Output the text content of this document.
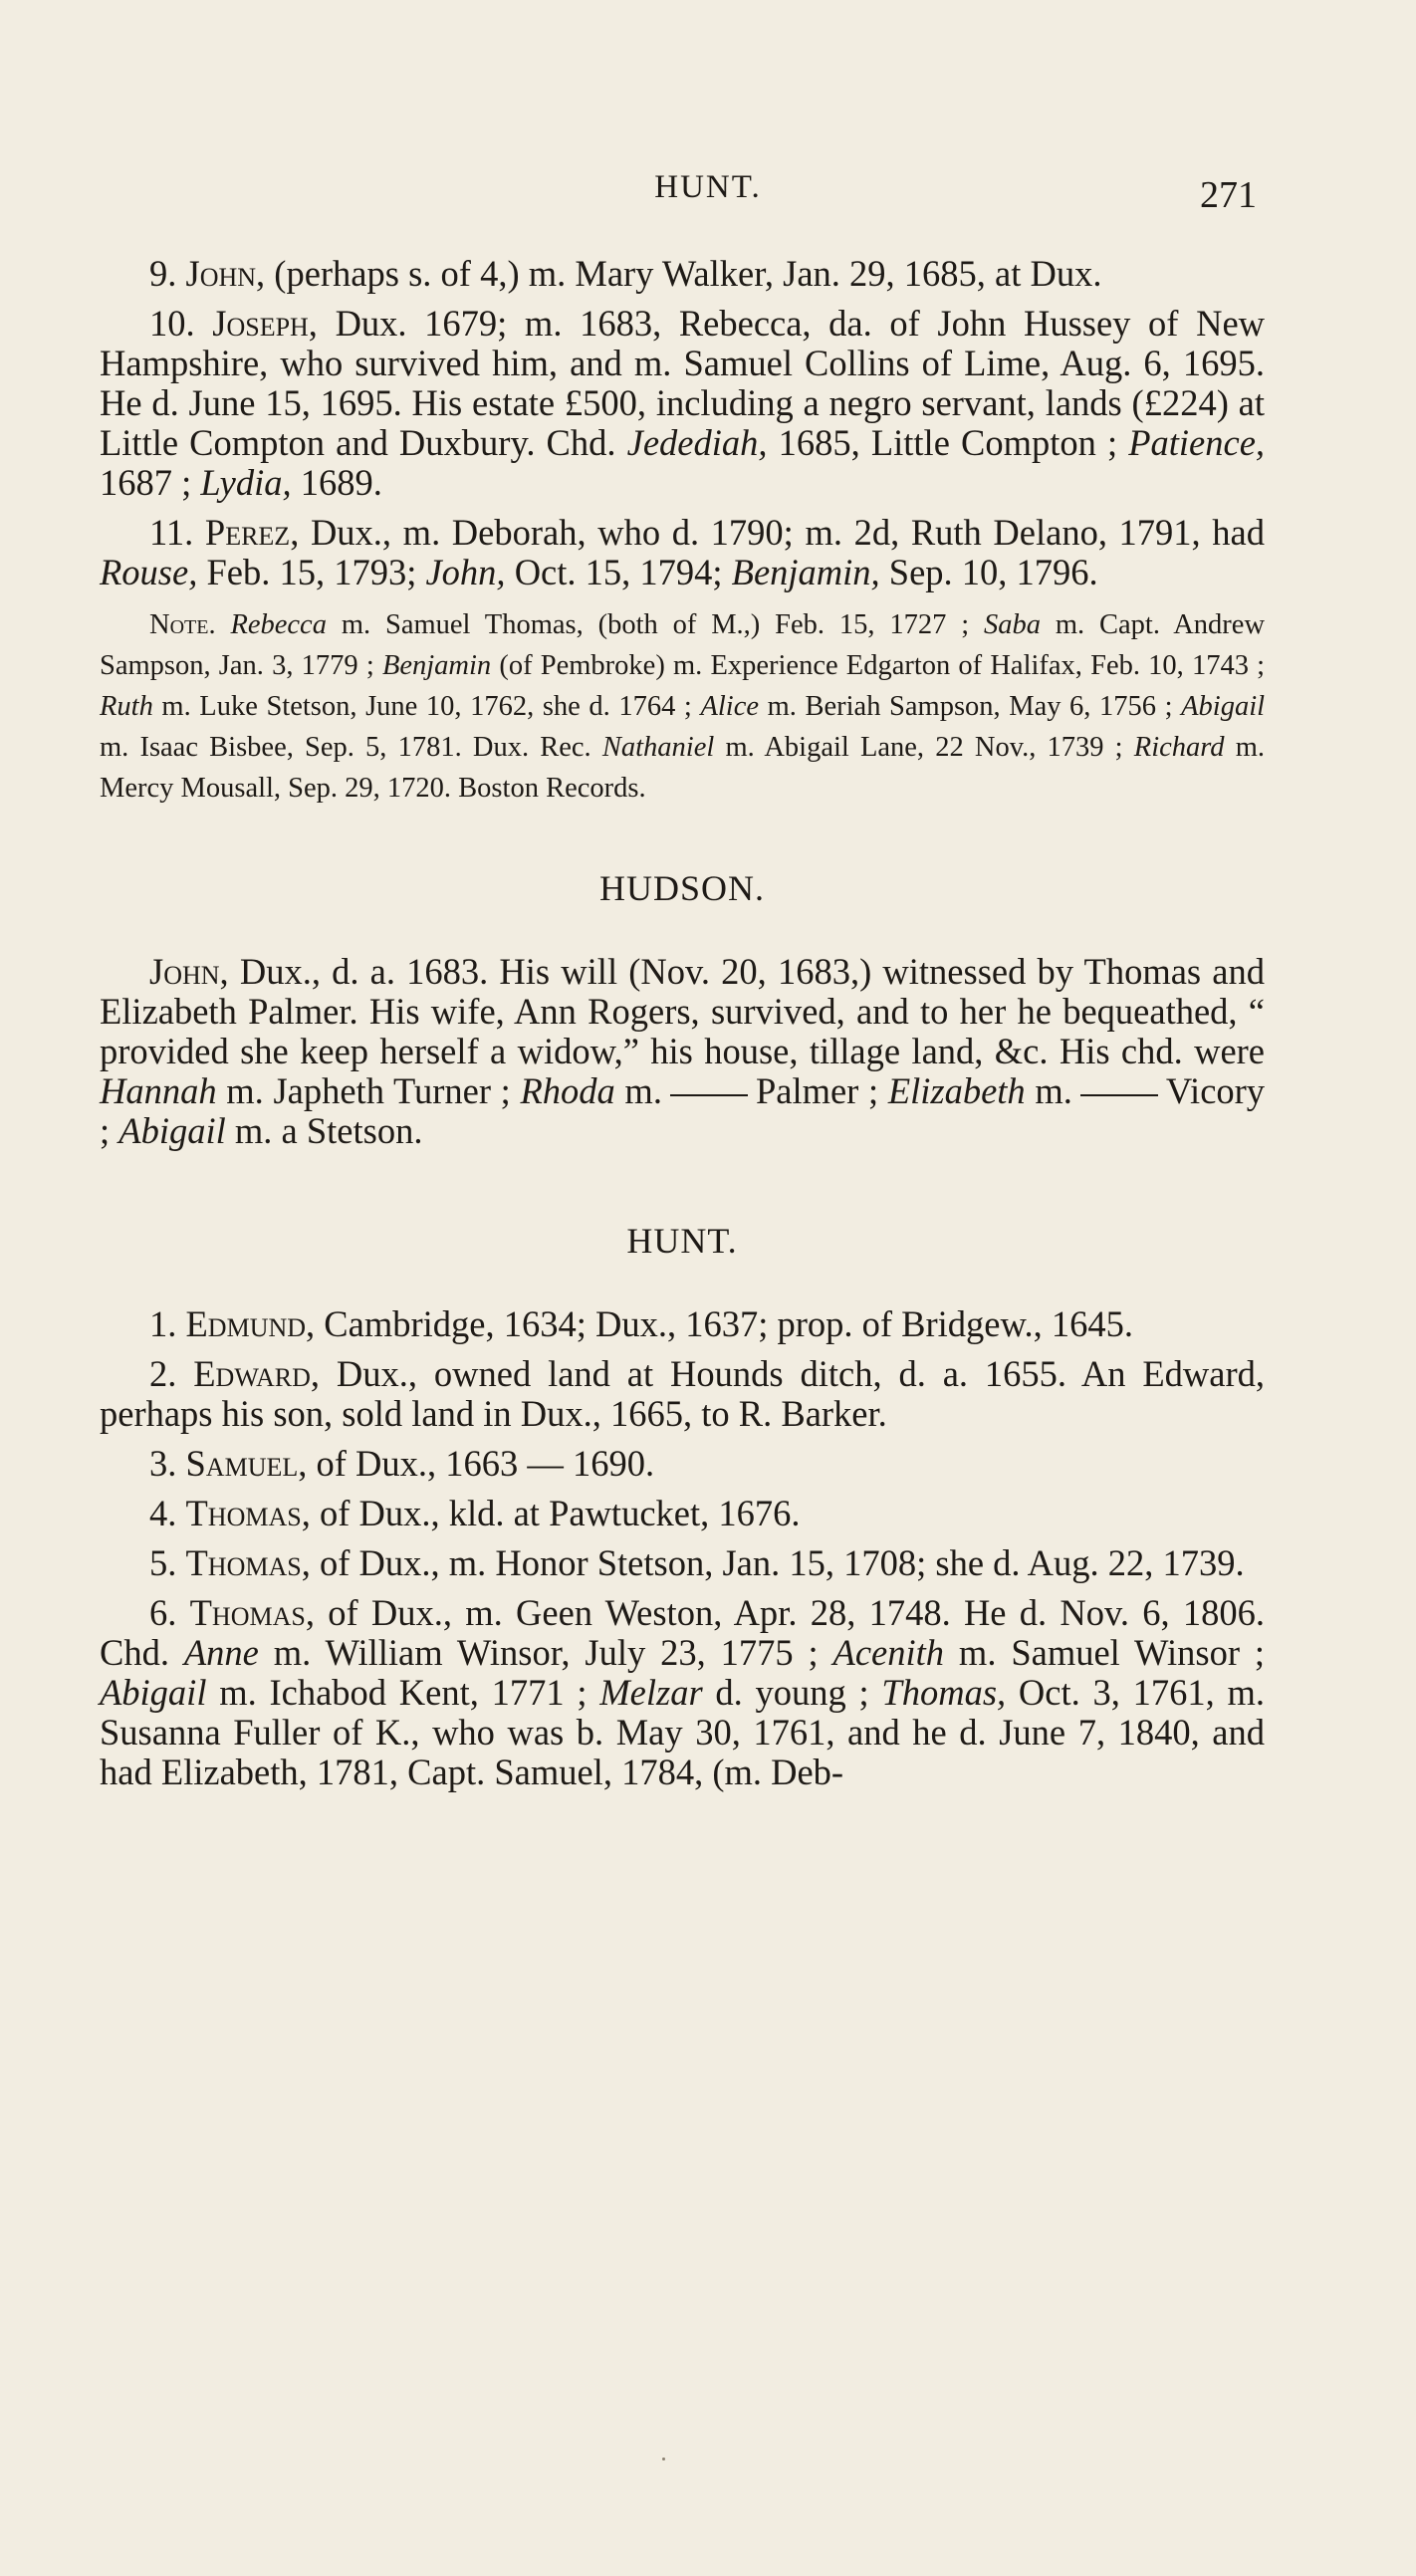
HUNT.	271

9. John, (perhaps s. of 4,) m. Mary Walker, Jan. 29, 1685, at Dux.

10. Joseph, Dux. 1679; m. 1683, Rebecca, da. of John Hussey of New Hampshire, who survived him, and m. Samuel Collins of Lime, Aug. 6, 1695. He d. June 15, 1695. His estate £500, including a negro servant, lands (£224) at Little Compton and Duxbury. Chd. Jedediah, 1685, Little Compton ; Patience, 1687 ; Lydia, 1689.

11. Perez, Dux., m. Deborah, who d. 1790; m. 2d, Ruth Delano, 1791, had Rouse, Feb. 15, 1793; John, Oct. 15, 1794; Benjamin, Sep. 10, 1796.

Note. Rebecca m. Samuel Thomas, (both of M.,) Feb. 15, 1727 ; Saba m. Capt. Andrew Sampson, Jan. 3, 1779 ; Benjamin (of Pembroke) m. Experience Edgarton of Halifax, Feb. 10, 1743 ; Ruth m. Luke Stetson, June 10, 1762, she d. 1764 ; Alice m. Beriah Sampson, May 6, 1756 ; Abigail m. Isaac Bisbee, Sep. 5, 1781. Dux. Rec. Nathaniel m. Abigail Lane, 22 Nov., 1739 ; Richard m. Mercy Mousall, Sep. 29, 1720. Boston Records.

HUDSON.

John, Dux., d. a. 1683. His will (Nov. 20, 1683,) witnessed by Thomas and Elizabeth Palmer. His wife, Ann Rogers, survived, and to her he bequeathed, “ provided she keep herself a widow,” his house, tillage land, &c. His chd. were Hannah m. Japheth Turner ; Rhoda m.	Palmer ; Elizabeth m.	Vicory ; Abigail m. a Stetson.

HUNT.

1. Edmund, Cambridge, 1634; Dux., 1637; prop. of Bridgew., 1645.

2. Edward, Dux., owned land at Hounds ditch, d. a. 1655. An Edward, perhaps his son, sold land in Dux., 1665, to R. Barker.

3. Samuel, of Dux., 1663 — 1690.

4. Thomas, of Dux., kld. at Pawtucket, 1676.

5. Thomas, of Dux., m. Honor Stetson, Jan. 15, 1708; she d. Aug. 22, 1739.

6. Thomas, of Dux., m. Geen Weston, Apr. 28, 1748. He d. Nov. 6, 1806. Chd. Anne m. William Winsor, July 23, 1775 ; Acenith m. Samuel Winsor ; Abigail m. Ichabod Kent, 1771 ; Melzar d. young ; Thomas, Oct. 3, 1761, m. Susanna Fuller of K., who was b. May 30, 1761, and he d. June 7, 1840, and had Elizabeth, 1781, Capt. Samuel, 1784, (m. Deb-
